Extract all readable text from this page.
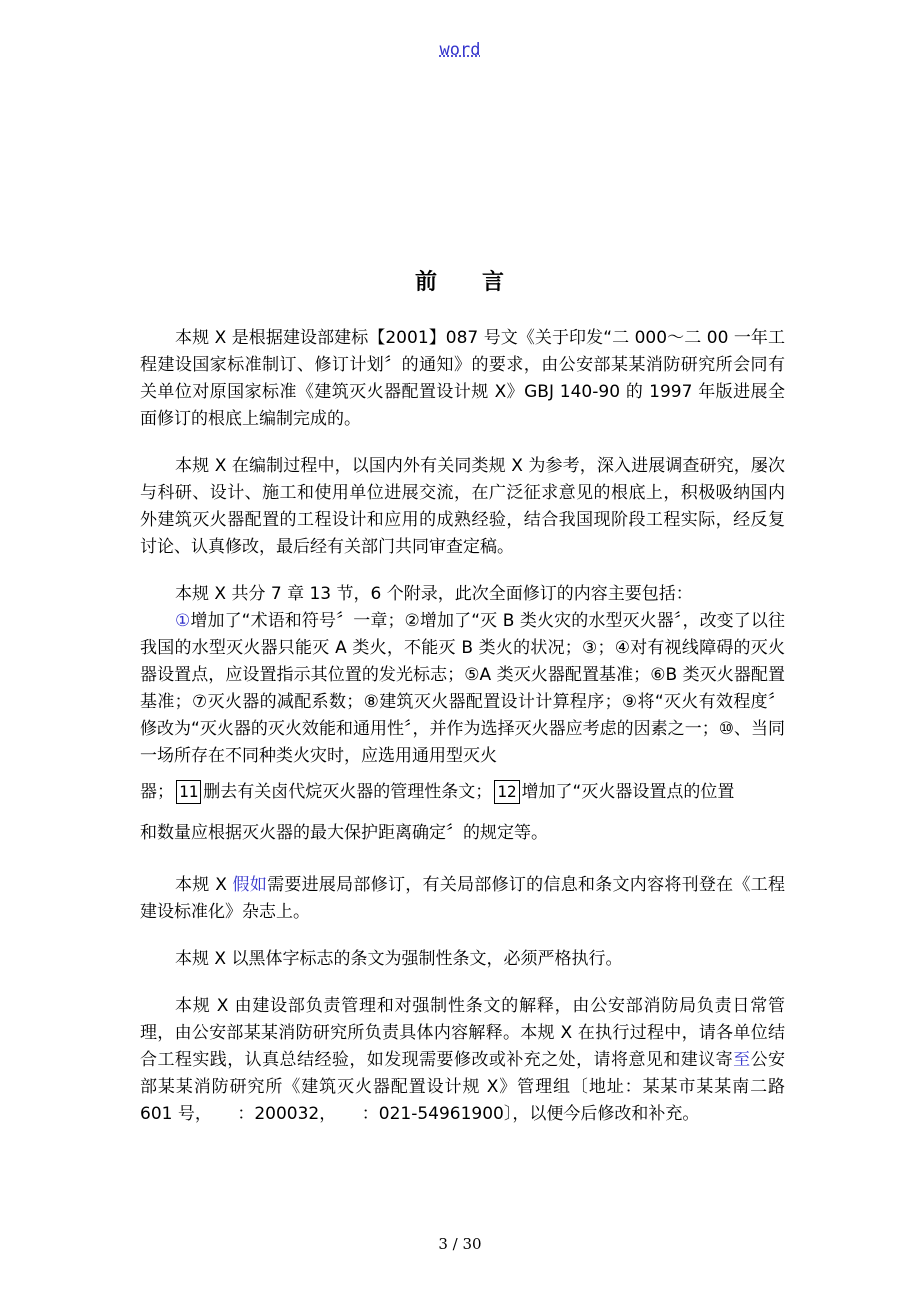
word
前 言

本规 X 是根据建设部建标【2001】087 号文《关于印发“二 000～二 00 一年工程建设国家标准制订、修订计划〞的通知》的要求，由公安部某某消防研究所会同有关单位对原国家标准《建筑灭火器配置设计规 X》GBJ 140-90 的 1997 年版进展全面修订的根底上编制完成的。

本规 X 在编制过程中，以国内外有关同类规 X 为参考，深入进展调查研究，屡次与科研、设计、施工和使用单位进展交流，在广泛征求意见的根底上，积极吸纳国内外建筑灭火器配置的工程设计和应用的成熟经验，结合我国现阶段工程实际，经反复讨论、认真修改，最后经有关部门共同审查定稿。

本规 X 共分 7 章 13 节，6 个附录，此次全面修订的内容主要包括：

①增加了“术语和符号〞一章；②增加了“灭 B 类火灾的水型灭火器〞，改变了以往我国的水型灭火器只能灭 A 类火，不能灭 B 类火的状况；③；④对有视线障碍的灭火器设置点，应设置指示其位置的发光标志；⑤A 类灭火器配置基准；⑥B 类灭火器配置基准；⑦灭火器的减配系数；⑧建筑灭火器配置设计计算程序；⑨将“灭火有效程度〞修改为“灭火器的灭火效能和通用性〞，并作为选择灭火器应考虑的因素之一；⑩、当同一场所存在不同种类火灾时，应选用通用型灭火
器； 11 删去有关卤代烷灭火器的管理性条文； 12 增加了“灭火器设置点的位置
和数量应根据灭火器的最大保护距离确定〞的规定等。

本规 X 假如需要进展局部修订，有关局部修订的信息和条文内容将刊登在《工程建设标准化》杂志上。

本规 X 以黑体字标志的条文为强制性条文，必须严格执行。

本规 X 由建设部负责管理和对强制性条文的解释，由公安部消防局负责日常管理，由公安部某某消防研究所负责具体内容解释。本规 X 在执行过程中，请各单位结合工程实践，认真总结经验，如发现需要修改或补充之处，请将意见和建议寄至公安部某某消防研究所《建筑灭火器配置设计规 X》管理组〔地址：某某市某某南二路 601 号，　　：200032，　　：021-54961900〕，以便今后修改和补充。

3 / 30
